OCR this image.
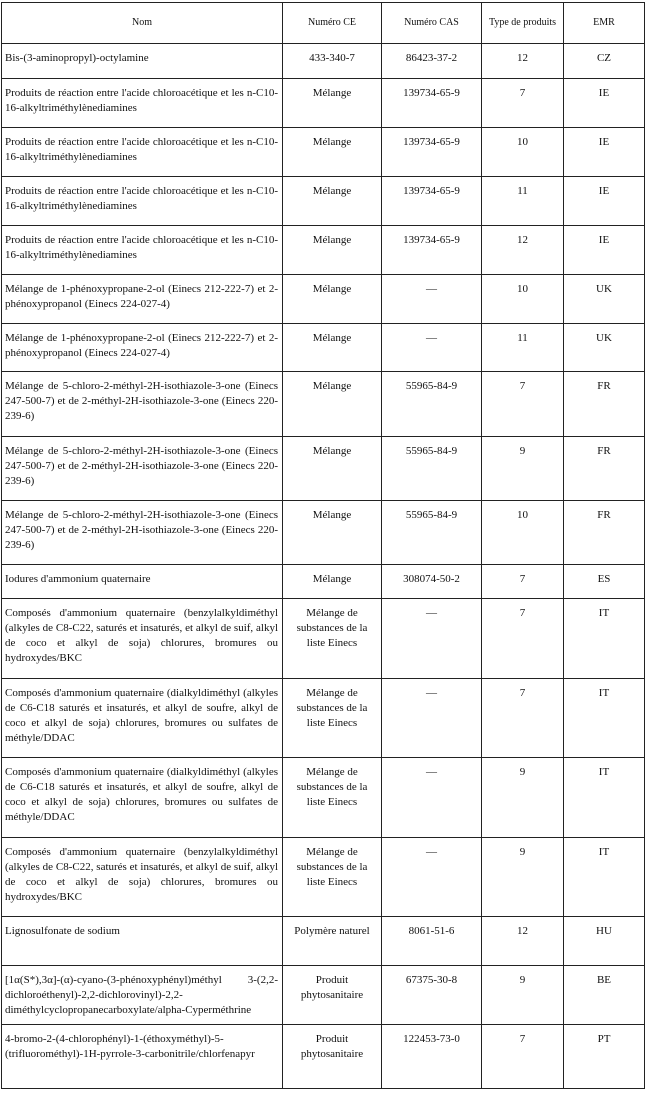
Nom	Numéro CE	Numéro CAS	Type de produits	EMR
Bis-(3-aminopropyl)-octylamine	433-340-7	86423-37-2	12	CZ
Produits de réaction entre l'acide chloroacétique et les n-C10-16-alkyltriméthylènediamines	Mélange	139734-65-9	7	IE
Produits de réaction entre l'acide chloroacétique et les n-C10-16-alkyltriméthylènediamines	Mélange	139734-65-9	10	IE
Produits de réaction entre l'acide chloroacétique et les n-C10-16-alkyltriméthylènediamines	Mélange	139734-65-9	11	IE
Produits de réaction entre l'acide chloroacétique et les n-C10-16-alkyltriméthylènediamines	Mélange	139734-65-9	12	IE
Mélange de 1-phénoxypropane-2-ol (Einecs 212-222-7) et 2-phénoxypropanol (Einecs 224-027-4)	Mélange	—	10	UK
Mélange de 1-phénoxypropane-2-ol (Einecs 212-222-7) et 2-phénoxypropanol (Einecs 224-027-4)	Mélange	—	11	UK
Mélange de 5-chloro-2-méthyl-2H-isothiazole-3-one (Einecs 247-500-7) et de 2-méthyl-2H-isothiazole-3-one (Einecs 220-239-6)	Mélange	55965-84-9	7	FR
Mélange de 5-chloro-2-méthyl-2H-isothiazole-3-one (Einecs 247-500-7) et de 2-méthyl-2H-isothiazole-3-one (Einecs 220-239-6)	Mélange	55965-84-9	9	FR
Mélange de 5-chloro-2-méthyl-2H-isothiazole-3-one (Einecs 247-500-7) et de 2-méthyl-2H-isothiazole-3-one (Einecs 220-239-6)	Mélange	55965-84-9	10	FR
Iodures d'ammonium quaternaire	Mélange	308074-50-2	7	ES
Composés d'ammonium quaternaire (benzylalkyldiméthyl (alkyles de C8-C22, saturés et insaturés, et alkyl de suif, alkyl de coco et alkyl de soja) chlorures, bromures ou hydroxydes/BKC	Mélange de substances de la liste Einecs	—	7	IT
Composés d'ammonium quaternaire (dialkyldiméthyl (alkyles de C6-C18 saturés et insaturés, et alkyl de soufre, alkyl de coco et alkyl de soja) chlorures, bromures ou sulfates de méthyle/DDAC	Mélange de substances de la liste Einecs	—	7	IT
Composés d'ammonium quaternaire (dialkyldiméthyl (alkyles de C6-C18 saturés et insaturés, et alkyl de soufre, alkyl de coco et alkyl de soja) chlorures, bromures ou sulfates de méthyle/DDAC	Mélange de substances de la liste Einecs	—	9	IT
Composés d'ammonium quaternaire (benzylalkyldiméthyl (alkyles de C8-C22, saturés et insaturés, et alkyl de suif, alkyl de coco et alkyl de soja) chlorures, bromures ou hydroxydes/BKC	Mélange de substances de la liste Einecs	—	9	IT
Lignosulfonate de sodium	Polymère naturel	8061-51-6	12	HU
[1α(S*),3α]-(α)-cyano-(3-phénoxyphényl)méthyl 3-(2,2-dichloroéthenyl)-2,2-dichlorovinyl)-2,2-diméthylcyclopropanecarboxylate/alpha-Cyperméthrine	Produit phytosanitaire	67375-30-8	9	BE
4-bromo-2-(4-chlorophényl)-1-(éthoxyméthyl)-5-(trifluorométhyl)-1H-pyrrole-3-carbonitrile/chlorfenapyr	Produit phytosanitaire	122453-73-0	7	PT
